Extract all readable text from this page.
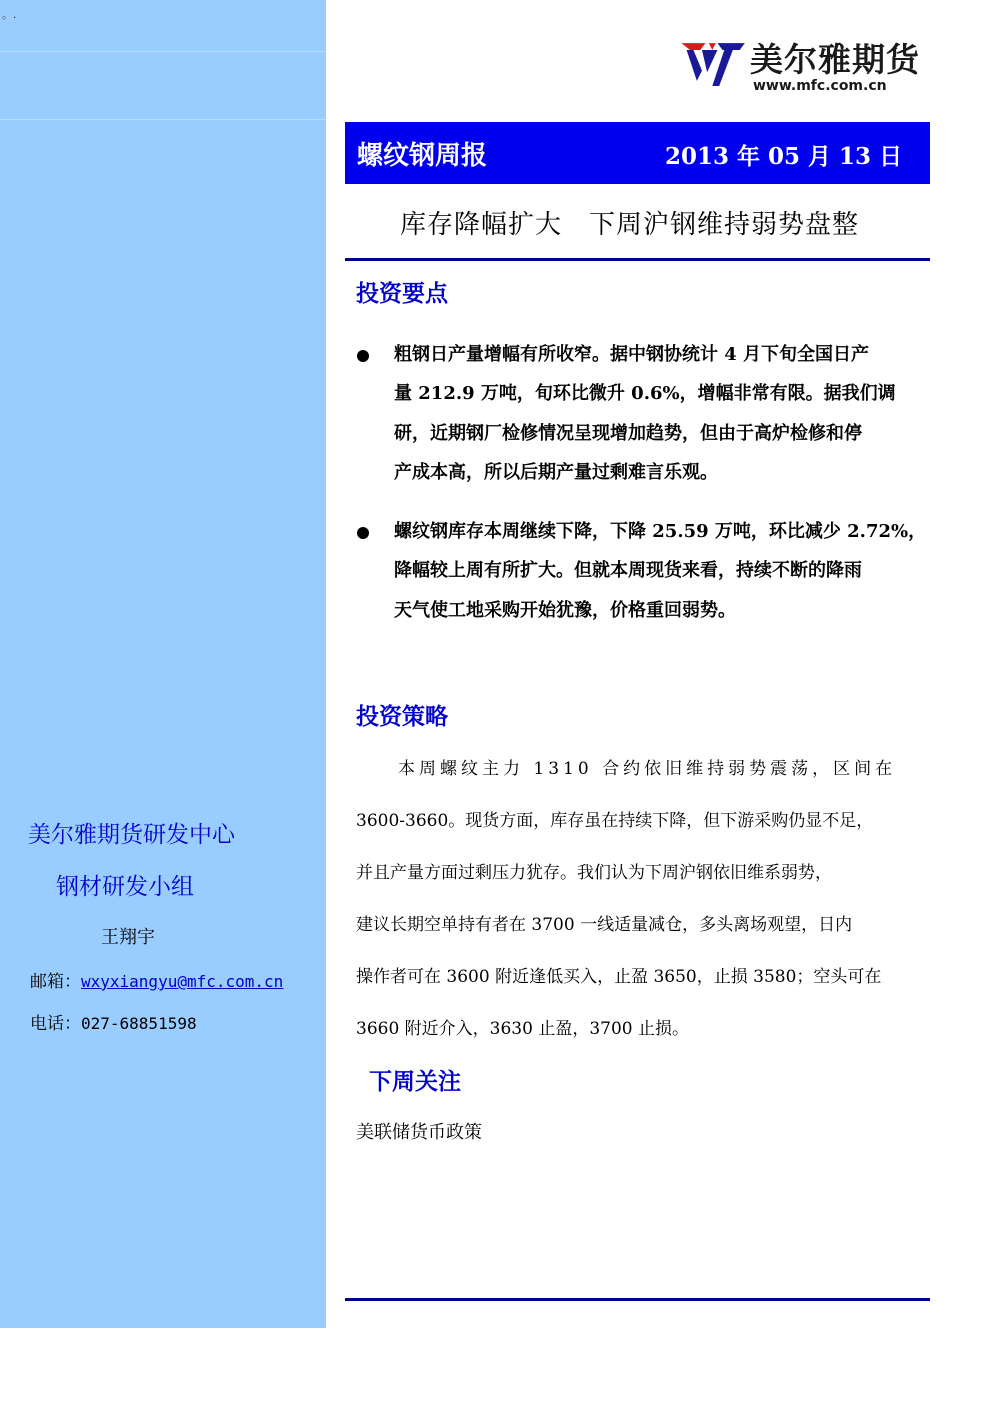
。.
美尔雅期货研发中心
钢材研发小组
王翔宇
邮箱：wxyxiangyu@mfc.com.cn
电话：027-68851598
美尔雅期货
www.mfc.com.cn
螺纹钢周报	2013 年 05 月 13 日
库存降幅扩大　下周沪钢维持弱势盘整
投资要点
粗钢日产量增幅有所收窄。据中钢协统计 4 月下旬全国日产
量 212.9 万吨，旬环比微升 0.6%，增幅非常有限。据我们调
研，近期钢厂检修情况呈现增加趋势，但由于高炉检修和停
产成本高，所以后期产量过剩难言乐观。
螺纹钢库存本周继续下降，下降 25.59 万吨，环比减少 2.72%，
降幅较上周有所扩大。但就本周现货来看，持续不断的降雨
天气使工地采购开始犹豫，价格重回弱势。
投资策略
本周螺纹主力 1310 合约依旧维持弱势震荡，区间在
3600-3660。现货方面，库存虽在持续下降，但下游采购仍显不足，
并且产量方面过剩压力犹存。我们认为下周沪钢依旧维系弱势，
建议长期空单持有者在 3700 一线适量减仓，多头离场观望，日内
操作者可在 3600 附近逢低买入，止盈 3650，止损 3580；空头可在
3660 附近介入，3630 止盈，3700 止损。
下周关注
美联储货币政策
